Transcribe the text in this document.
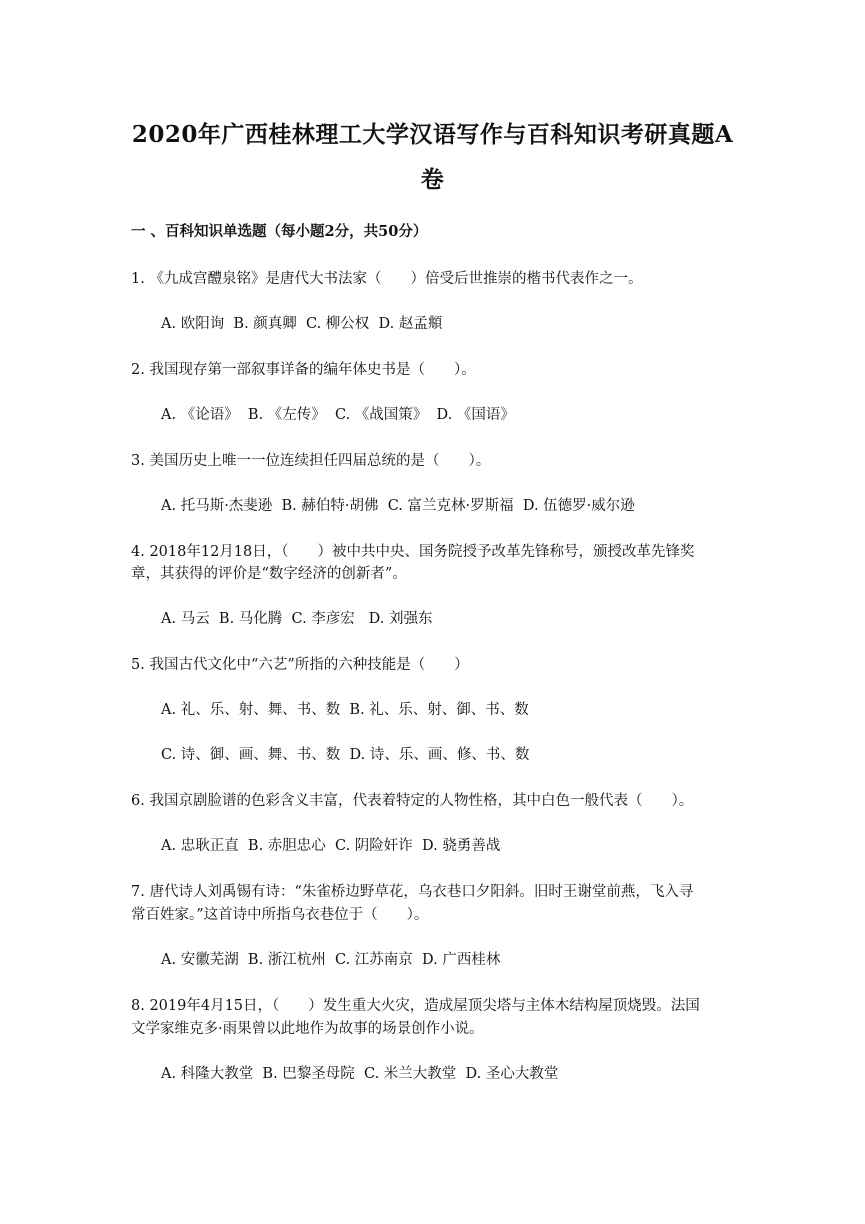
2020年广西桂林理工大学汉语写作与百科知识考研真题A
卷
一 、百科知识单选题（每小题2分，共50分）
1. 《九成宫醴泉铭》是唐代大书法家（　　）倍受后世推崇的楷书代表作之一。
A. 欧阳询  B. 颜真卿  C. 柳公权  D. 赵孟頫
2. 我国现存第一部叙事详备的编年体史书是（　　）。
A. 《论语》  B. 《左传》  C. 《战国策》  D. 《国语》
3. 美国历史上唯一一位连续担任四届总统的是（　　）。
A. 托马斯·杰斐逊  B. 赫伯特·胡佛  C. 富兰克林·罗斯福  D. 伍德罗·威尔逊
4. 2018年12月18日，（　　）被中共中央、国务院授予改革先锋称号，颁授改革先锋奖
章，其获得的评价是“数字经济的创新者”。
A. 马云  B. 马化腾  C. 李彦宏   D. 刘强东
5. 我国古代文化中“六艺”所指的六种技能是（　　）
A. 礼、乐、射、舞、书、数  B. 礼、乐、射、御、书、数
C. 诗、御、画、舞、书、数  D. 诗、乐、画、修、书、数
6. 我国京剧脸谱的色彩含义丰富，代表着特定的人物性格，其中白色一般代表（　　）。
A. 忠耿正直  B. 赤胆忠心  C. 阴险奸诈  D. 骁勇善战
7. 唐代诗人刘禹锡有诗：“朱雀桥边野草花，乌衣巷口夕阳斜。旧时王谢堂前燕，飞入寻
常百姓家。”这首诗中所指乌衣巷位于（　　）。
A. 安徽芜湖  B. 浙江杭州  C. 江苏南京  D. 广西桂林
8. 2019年4月15日，（　　）发生重大火灾，造成屋顶尖塔与主体木结构屋顶烧毁。法国
文学家维克多·雨果曾以此地作为故事的场景创作小说。
A. 科隆大教堂  B. 巴黎圣母院  C. 米兰大教堂  D. 圣心大教堂
